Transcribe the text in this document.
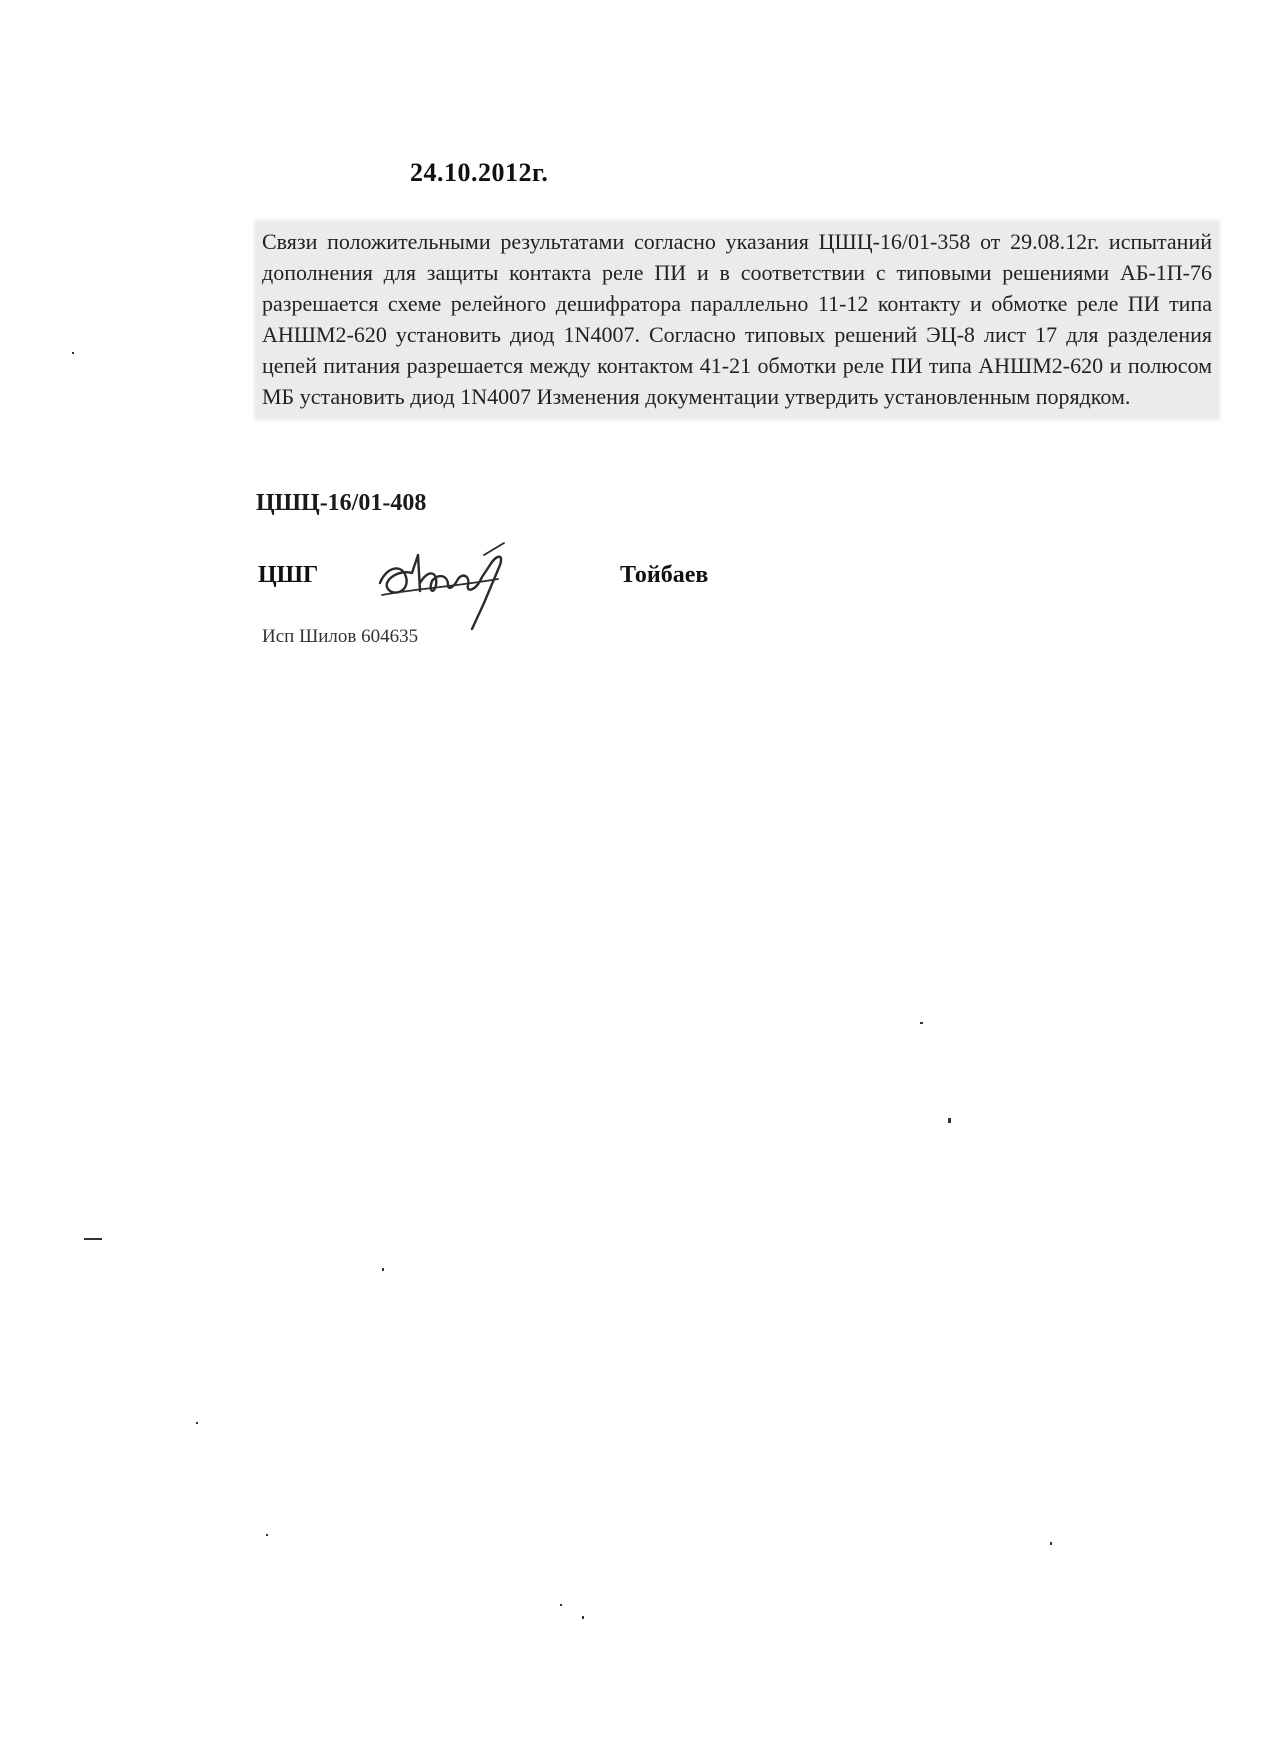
24.10.2012г.
Связи положительными результатами согласно указания ЦШЦ-16/01-358 от 29.08.12г. испытаний дополнения для защиты контакта реле ПИ и в соответствии с типовыми решениями АБ-1П-76 разрешается схеме релейного дешифратора параллельно 11-12 контакту и обмотке реле ПИ типа АНШМ2-620 установить диод 1N4007. Согласно типовых решений ЭЦ-8 лист 17 для разделения цепей питания разрешается между контактом 41-21 обмотки реле ПИ типа АНШМ2-620 и полюсом МБ установить диод 1N4007 Изменения документации утвердить установленным порядком.
ЦШЦ-16/01-408
ЦШГ	Тойбаев
Исп Шилов 604635
